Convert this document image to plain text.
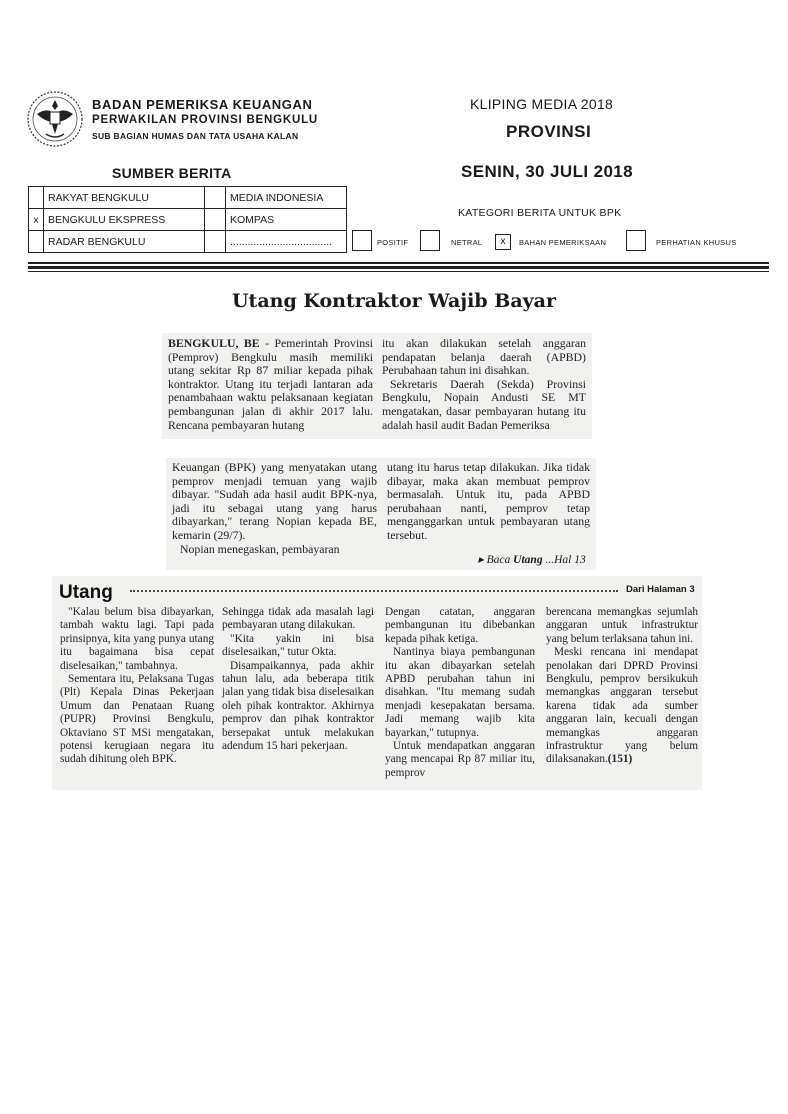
BADAN PEMERIKSA KEUANGAN
PERWAKILAN PROVINSI BENGKULU
SUB BAGIAN HUMAS DAN TATA USAHA KALAN
KLIPING MEDIA 2018
PROVINSI
SENIN, 30 JULI 2018
SUMBER BERITA
	RAKYAT BENGKULU		MEDIA INDONESIA
x	BENGKULU EKSPRESS		KOMPAS
	RADAR BENGKULU		...................................
KATEGORI BERITA UNTUK BPK
POSITIF	NETRAL	x	BAHAN PEMERIKSAAN	PERHATIAN KHUSUS
Utang Kontraktor Wajib Bayar

BENGKULU, BE - Pemerintah Provinsi (Pemprov) Bengkulu masih memiliki utang sekitar Rp 87 miliar kepada pihak kontraktor. Utang itu terjadi lantaran ada penambahaan waktu pelaksanaan kegiatan pembangunan jalan di akhir 2017 lalu. Rencana pembayaran hutang

itu akan dilakukan setelah anggaran pendapatan belanja daerah (APBD) Perubahaan tahun ini disahkan.

Sekretaris Daerah (Sekda) Provinsi Bengkulu, Nopain Andusti SE MT mengatakan, dasar pembayaran hutang itu adalah hasil audit Badan Pemeriksa

Keuangan (BPK) yang menyatakan utang pemprov menjadi temuan yang wajib dibayar. "Sudah ada hasil audit BPK-nya, jadi itu sebagai utang yang harus dibayarkan," terang Nopian kepada BE, kemarin (29/7).

Nopian menegaskan, pembayaran

utang itu harus tetap dilakukan. Jika tidak dibayar, maka akan membuat pemprov bermasalah. Untuk itu, pada APBD perubahaan nanti, pemprov tetap menganggarkan untuk pembayaran utang tersebut.

▸ Baca Utang ...Hal 13
Utang	Dari Halaman 3

"Kalau belum bisa dibayarkan, tambah waktu lagi. Tapi pada prinsipnya, kita yang punya utang itu bagaimana bisa cepat diselesaikan," tambahnya.

Sementara itu, Pelaksana Tugas (Plt) Kepala Dinas Pekerjaan Umum dan Penataan Ruang (PUPR) Provinsi Bengkulu, Oktaviano ST MSi mengatakan, potensi kerugiaan negara itu sudah dihitung oleh BPK.

Sehingga tidak ada masalah lagi pembayaran utang dilakukan.

"Kita yakin ini bisa diselesaikan," tutur Okta.

Disampaikannya, pada akhir tahun lalu, ada beberapa titik jalan yang tidak bisa diselesaikan oleh pihak kontraktor. Akhirnya pemprov dan pihak kontraktor bersepakat untuk melakukan adendum 15 hari pekerjaan.

Dengan catatan, anggaran pembangunan itu dibebankan kepada pihak ketiga.

Nantinya biaya pembangunan itu akan dibayarkan setelah APBD perubahan tahun ini disahkan. "Itu memang sudah menjadi kesepakatan bersama. Jadi memang wajib kita bayarkan," tutupnya.

Untuk mendapatkan anggaran yang mencapai Rp 87 miliar itu, pemprov

berencana memangkas sejumlah anggaran untuk infrastruktur yang belum terlaksana tahun ini.

Meski rencana ini mendapat penolakan dari DPRD Provinsi Bengkulu, pemprov bersikukuh memangkas anggaran tersebut karena tidak ada sumber anggaran lain, kecuali dengan memangkas anggaran infrastruktur yang belum dilaksanakan.(151)
